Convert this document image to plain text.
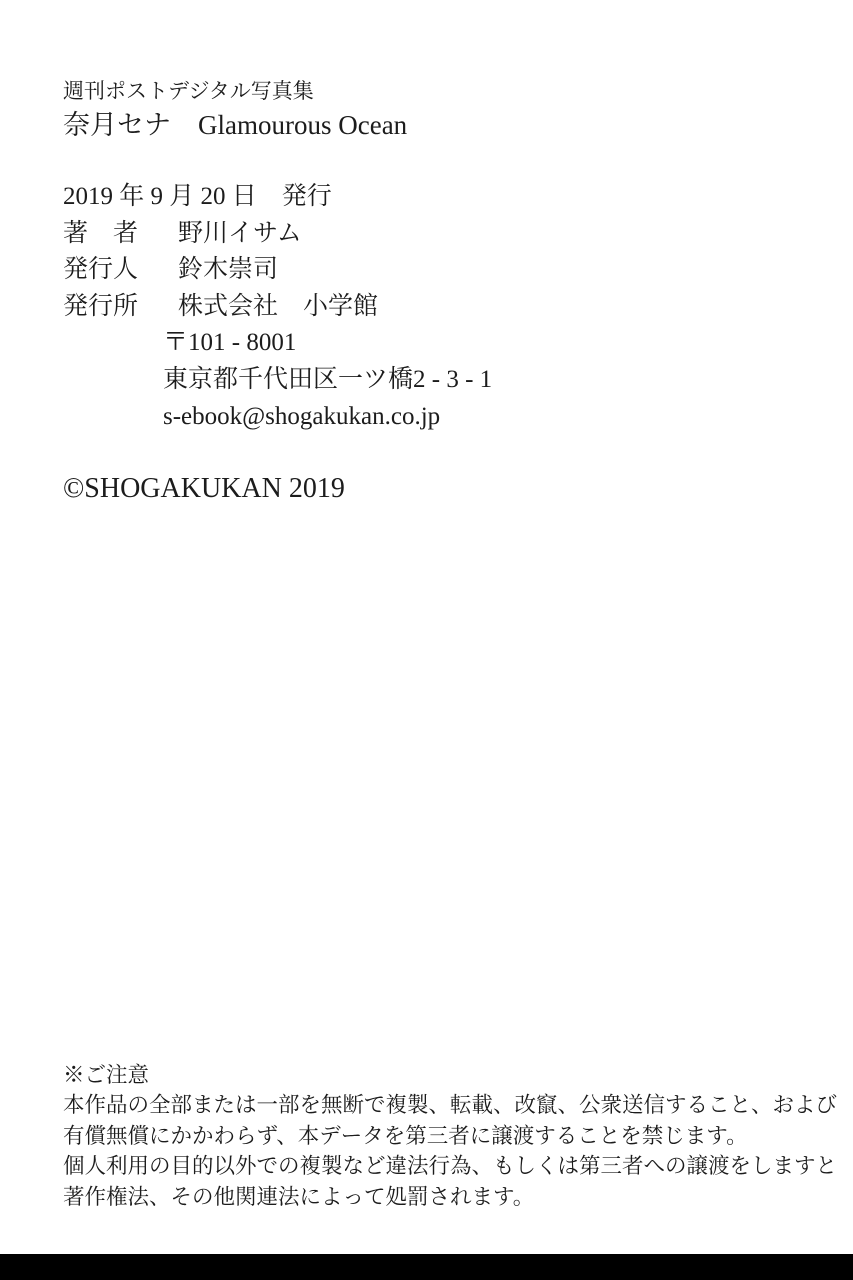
週刊ポストデジタル写真集
奈月セナ　Glamourous Ocean
2019 年 9 月 20 日　発行
著　者 野川イサム
発行人 鈴木崇司
発行所 株式会社　小学館
〒101 - 8001
東京都千代田区一ツ橋2 - 3 - 1
s-ebook@shogakukan.co.jp
©SHOGAKUKAN 2019
※ご注意
本作品の全部または一部を無断で複製、転載、改竄、公衆送信すること、および
有償無償にかかわらず、本データを第三者に譲渡することを禁じます。
個人利用の目的以外での複製など違法行為、もしくは第三者への譲渡をしますと
著作権法、その他関連法によって処罰されます。
